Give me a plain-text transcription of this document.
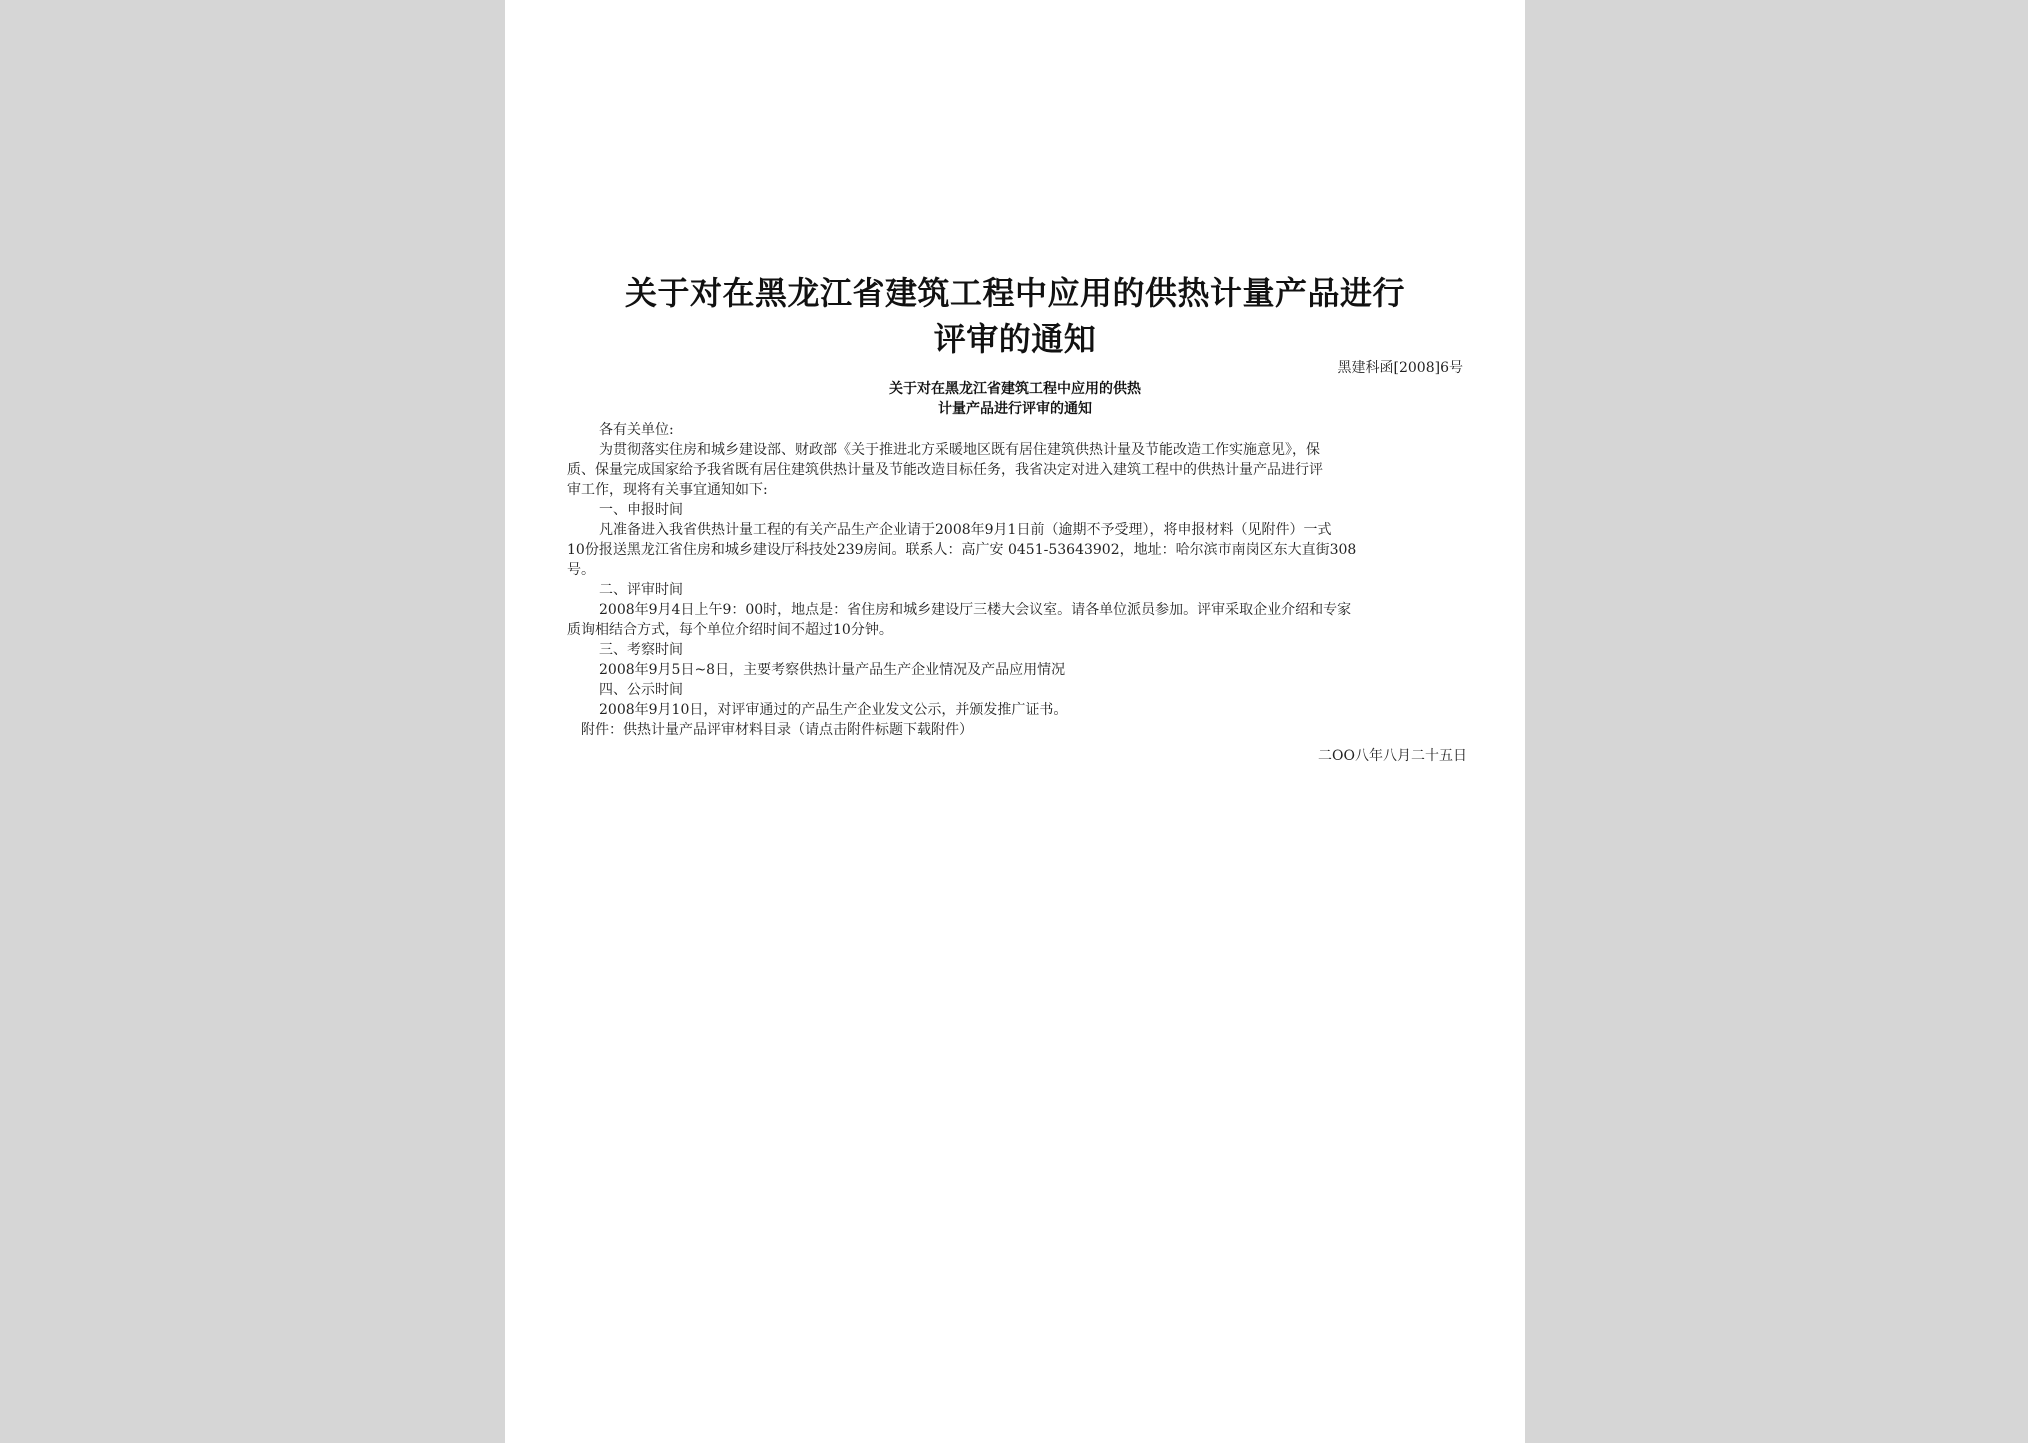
关于对在黑龙江省建筑工程中应用的供热计量产品进行
评审的通知
黑建科函[2008]6号
关于对在黑龙江省建筑工程中应用的供热
计量产品进行评审的通知

各有关单位:

为贯彻落实住房和城乡建设部、财政部《关于推进北方采暖地区既有居住建筑供热计量及节能改造工作实施意见》，保

质、保量完成国家给予我省既有居住建筑供热计量及节能改造目标任务，我省决定对进入建筑工程中的供热计量产品进行评

审工作，现将有关事宜通知如下:

一、申报时间

凡准备进入我省供热计量工程的有关产品生产企业请于2008年9月1日前（逾期不予受理），将申报材料（见附件）一式

10份报送黑龙江省住房和城乡建设厅科技处239房间。联系人：高广安 0451-53643902，地址：哈尔滨市南岗区东大直街308

号。

二、评审时间

2008年9月4日上午9：00时，地点是：省住房和城乡建设厅三楼大会议室。请各单位派员参加。评审采取企业介绍和专家

质询相结合方式，每个单位介绍时间不超过10分钟。

三、考察时间

2008年9月5日~8日，主要考察供热计量产品生产企业情况及产品应用情况

四、公示时间

2008年9月10日，对评审通过的产品生产企业发文公示，并颁发推广证书。

附件：供热计量产品评审材料目录（请点击附件标题下载附件）

二OO八年八月二十五日
